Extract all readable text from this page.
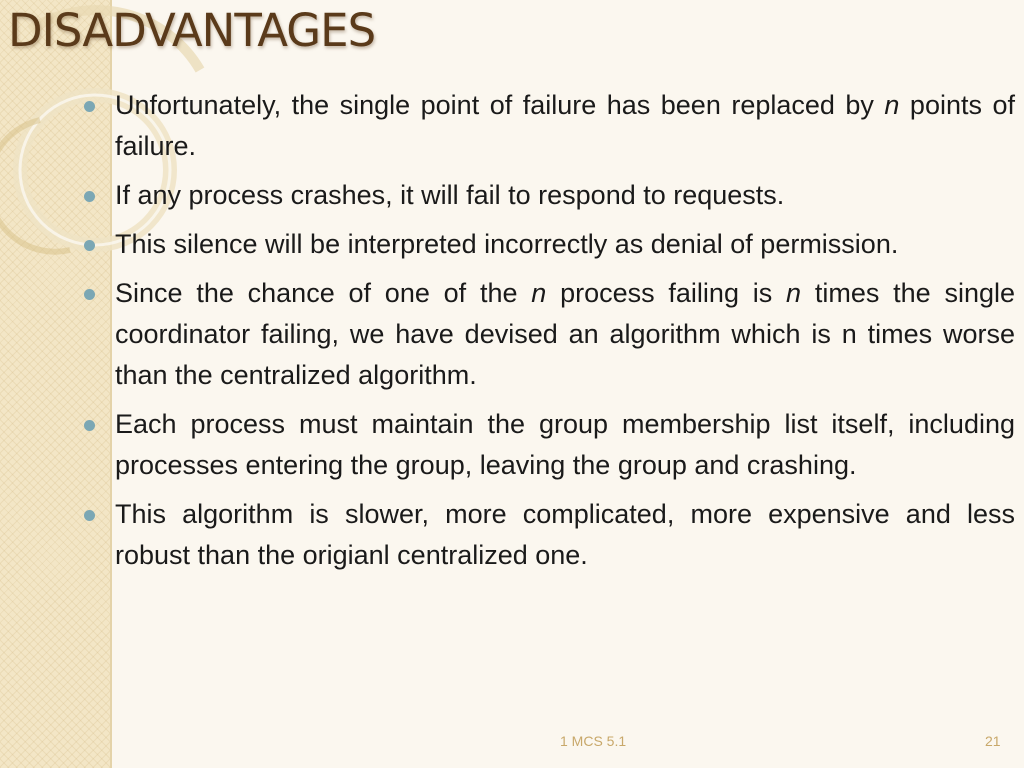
DISADVANTAGES
Unfortunately, the single point of failure has been replaced by n points of failure.
If any process crashes, it will fail to respond to requests.
This silence will be interpreted incorrectly as denial of permission.
Since the chance of one of the n process failing is n times the single coordinator failing, we have devised an algorithm which is n times worse than the centralized algorithm.
Each process must maintain the group membership list itself, including processes entering the group, leaving the group and crashing.
This algorithm is slower, more complicated, more expensive and less robust than the origianl centralized one.
1 MCS 5.1	21
